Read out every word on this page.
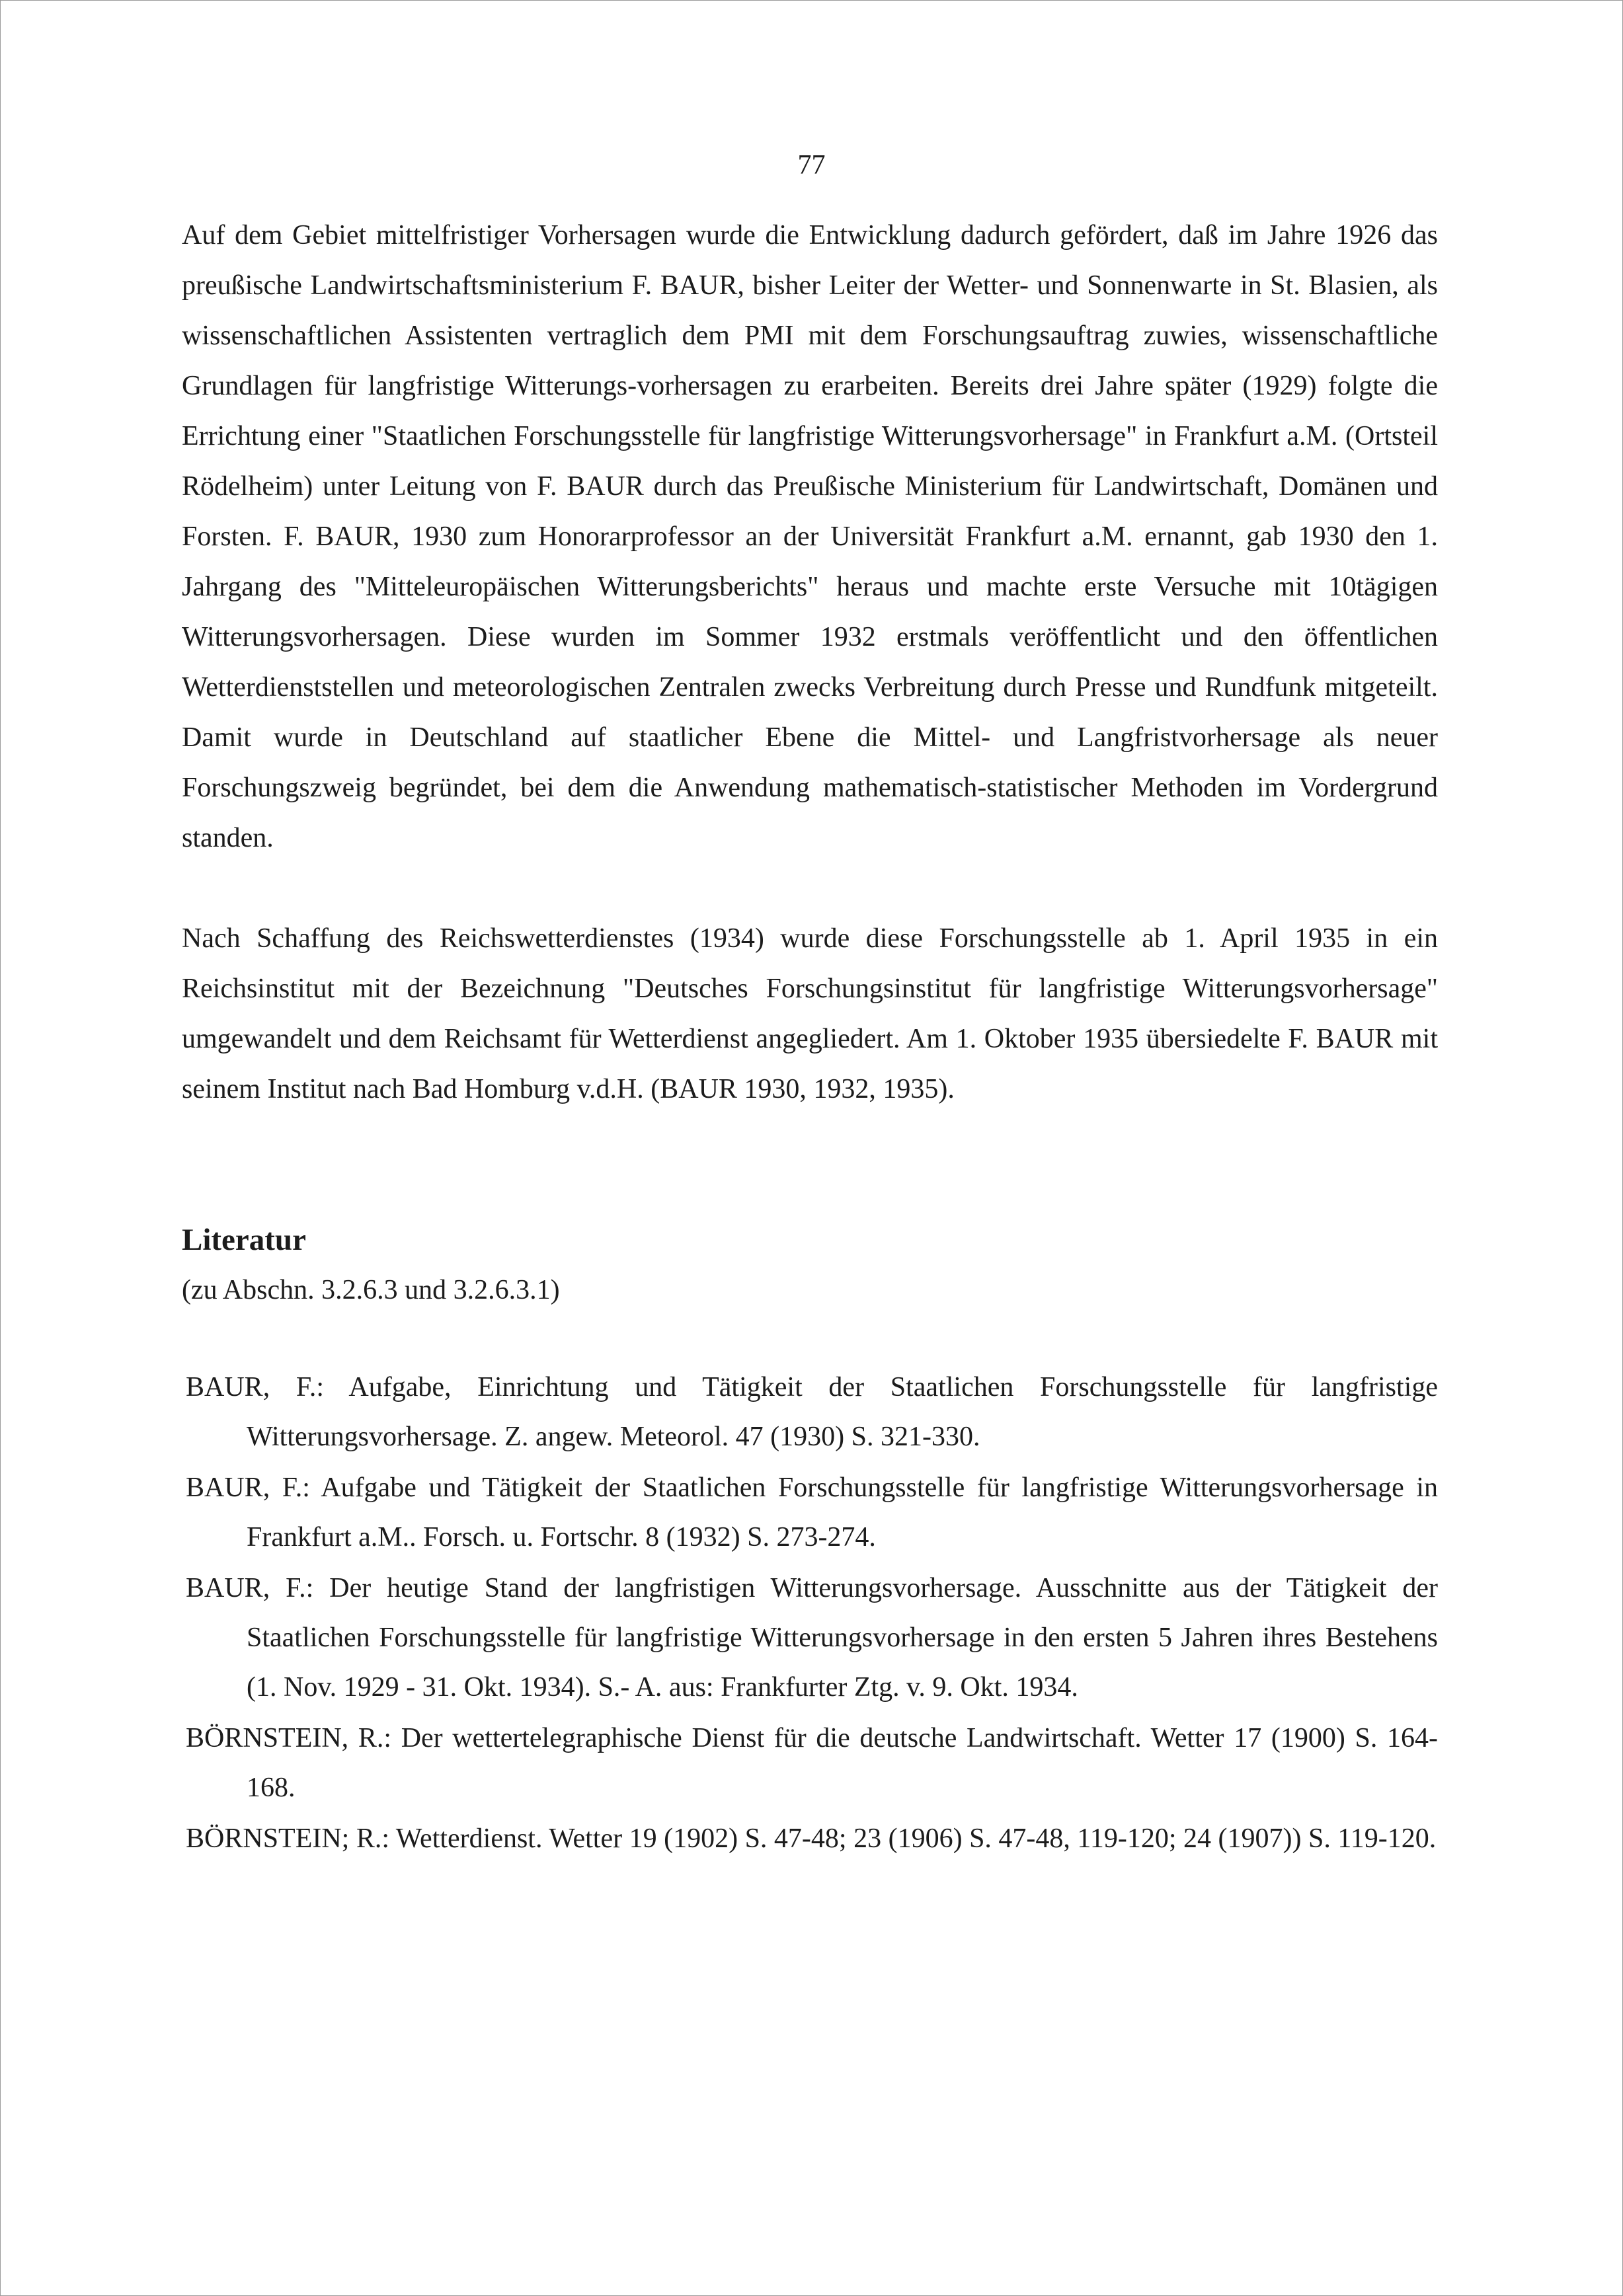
77

Auf dem Gebiet mittelfristiger Vorhersagen wurde die Entwicklung dadurch gefördert, daß im Jahre 1926 das preußische Landwirtschaftsministerium F. BAUR, bisher Leiter der Wetter- und Sonnenwarte in St. Blasien, als wissenschaftlichen Assistenten vertraglich dem PMI mit dem Forschungsauftrag zuwies, wissenschaftliche Grundlagen für langfristige Witterungs-vorhersagen zu erarbeiten. Bereits drei Jahre später (1929) folgte die Errichtung einer "Staatlichen Forschungsstelle für langfristige Witterungsvorhersage" in Frankfurt a.M. (Ortsteil Rödelheim) unter Leitung von F. BAUR durch das Preußische Ministerium für Landwirtschaft, Domänen und Forsten. F. BAUR, 1930 zum Honorarprofessor an der Universität Frankfurt a.M. ernannt, gab 1930 den 1. Jahrgang des "Mitteleuropäischen Witterungsberichts" heraus und machte erste Versuche mit 10tägigen Witterungsvorhersagen. Diese wurden im Sommer 1932 erstmals veröffentlicht und den öffentlichen Wetterdienststellen und meteorologischen Zentralen zwecks Verbreitung durch Presse und Rundfunk mitgeteilt. Damit wurde in Deutschland auf staatlicher Ebene die Mittel- und Langfristvorhersage als neuer Forschungszweig begründet, bei dem die Anwendung mathematisch-statistischer Methoden im Vordergrund standen.

Nach Schaffung des Reichswetterdienstes (1934) wurde diese Forschungsstelle ab 1. April 1935 in ein Reichsinstitut mit der Bezeichnung "Deutsches Forschungsinstitut für langfristige Witterungsvorhersage" umgewandelt und dem Reichsamt für Wetterdienst angegliedert. Am 1. Oktober 1935 übersiedelte F. BAUR mit seinem Institut nach Bad Homburg v.d.H. (BAUR 1930, 1932, 1935).

Literatur
(zu Abschn. 3.2.6.3 und 3.2.6.3.1)
BAUR, F.: Aufgabe, Einrichtung und Tätigkeit der Staatlichen Forschungsstelle für langfristige Witterungsvorhersage. Z. angew. Meteorol. 47 (1930) S. 321-330.
BAUR, F.: Aufgabe und Tätigkeit der Staatlichen Forschungsstelle für langfristige Witterungsvorhersage in Frankfurt a.M.. Forsch. u. Fortschr. 8 (1932) S. 273-274.
BAUR, F.: Der heutige Stand der langfristigen Witterungsvorhersage. Ausschnitte aus der Tätigkeit der Staatlichen Forschungsstelle für langfristige Witterungsvorhersage in den ersten 5 Jahren ihres Bestehens (1. Nov. 1929 - 31. Okt. 1934). S.- A. aus: Frankfurter Ztg. v. 9. Okt. 1934.
BÖRNSTEIN, R.: Der wettertelegraphische Dienst für die deutsche Landwirtschaft. Wetter 17 (1900) S. 164-168.
BÖRNSTEIN; R.: Wetterdienst. Wetter 19 (1902) S. 47-48; 23 (1906) S. 47-48, 119-120; 24 (1907)) S. 119-120.
